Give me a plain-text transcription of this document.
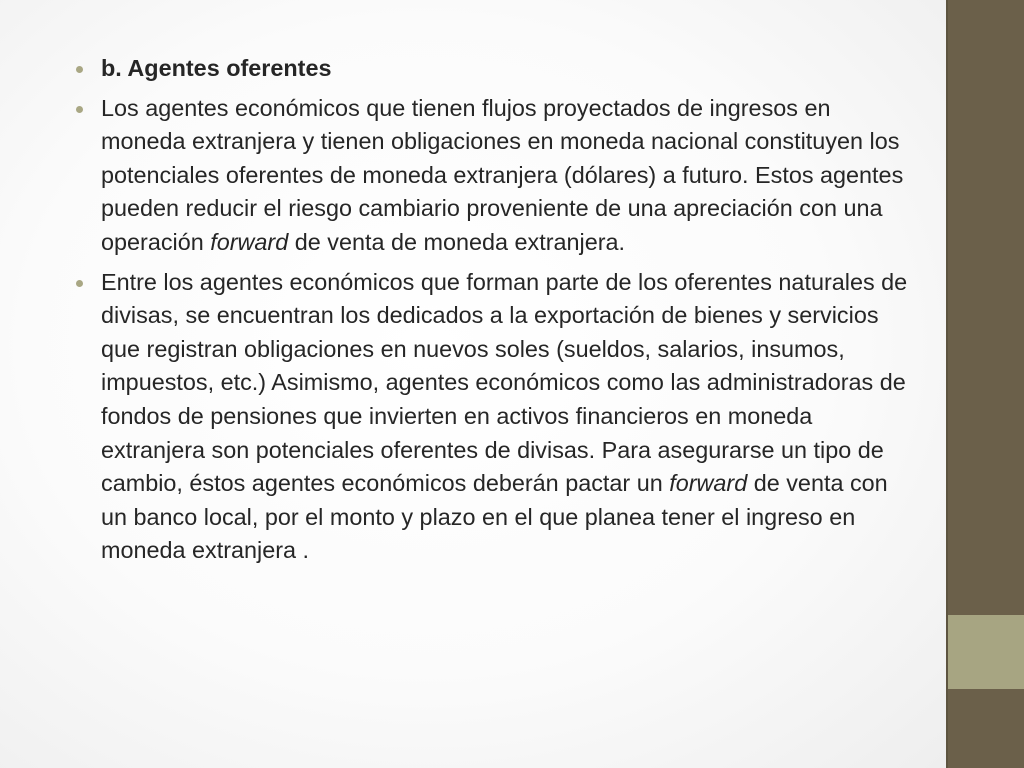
b. Agentes oferentes
Los agentes económicos que tienen flujos proyectados de ingresos en moneda extranjera y tienen obligaciones en moneda nacional constituyen los potenciales oferentes de moneda extranjera (dólares) a futuro. Estos agentes pueden reducir el riesgo cambiario proveniente de una apreciación con una operación forward de venta de moneda extranjera.
Entre los agentes económicos que forman parte de los oferentes naturales de divisas, se encuentran los dedicados a la exportación de bienes y servicios que registran obligaciones en nuevos soles (sueldos, salarios, insumos, impuestos, etc.) Asimismo, agentes económicos como las administradoras de fondos de pensiones que invierten en activos financieros en moneda extranjera son potenciales oferentes de divisas. Para asegurarse un tipo de cambio, éstos agentes económicos deberán pactar un forward de venta con un banco local, por el monto y plazo en el que planea tener el ingreso en moneda extranjera .
